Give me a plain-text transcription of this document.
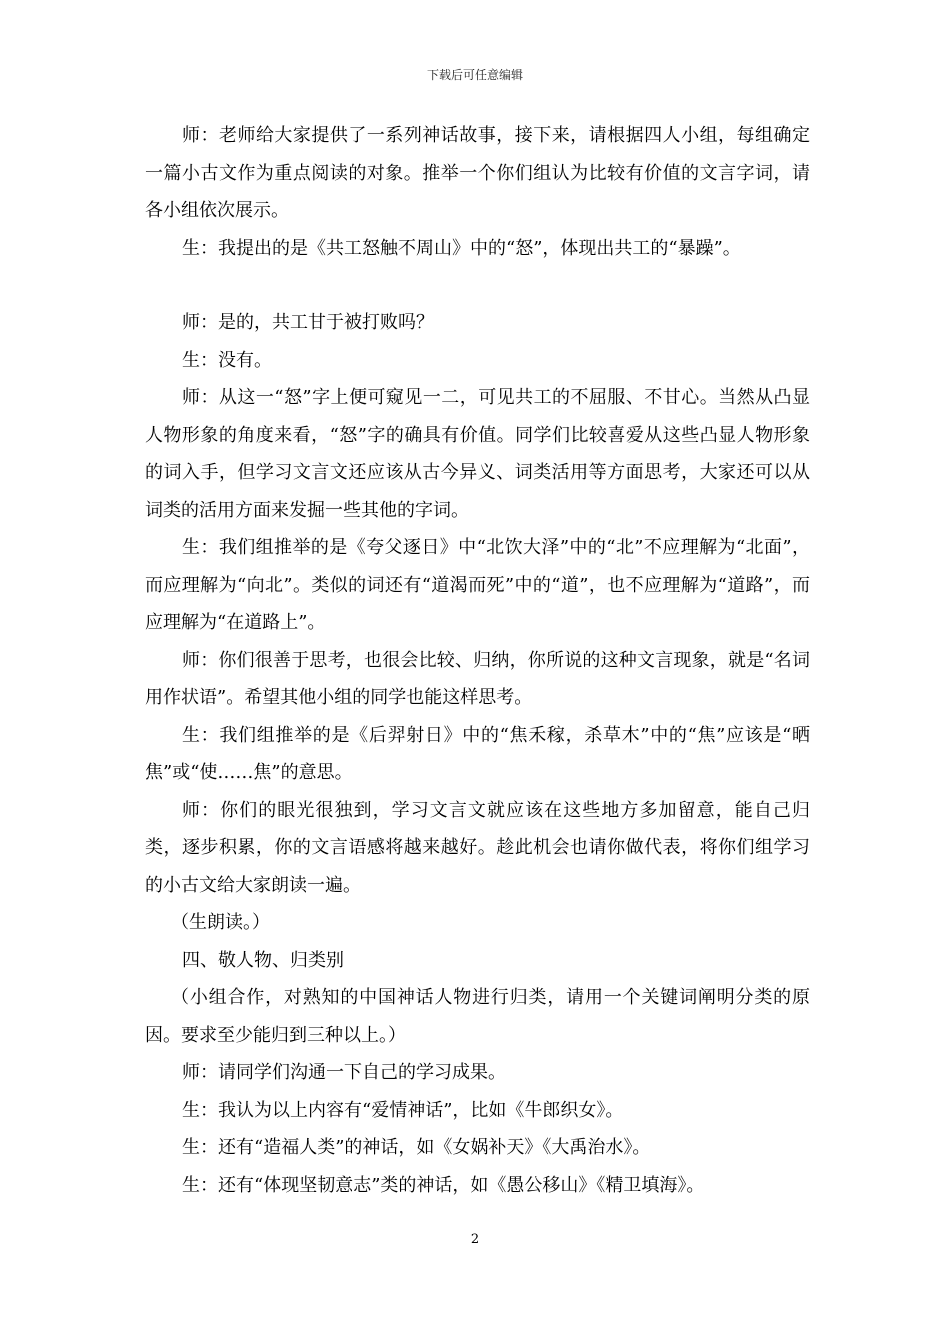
下载后可任意编辑

师：老师给大家提供了一系列神话故事，接下来，请根据四人小组，每组确定一篇小古文作为重点阅读的对象。推举一个你们组认为比较有价值的文言字词，请各小组依次展示。

生：我提出的是《共工怒触不周山》中的“怒”，体现出共工的“暴躁”。

师：是的，共工甘于被打败吗？

生：没有。

师：从这一“怒”字上便可窥见一二，可见共工的不屈服、不甘心。当然从凸显人物形象的角度来看，“怒”字的确具有价值。同学们比较喜爱从这些凸显人物形象的词入手，但学习文言文还应该从古今异义、词类活用等方面思考，大家还可以从词类的活用方面来发掘一些其他的字词。

生：我们组推举的是《夸父逐日》中“北饮大泽”中的“北”不应理解为“北面”，而应理解为“向北”。类似的词还有“道渴而死”中的“道”，也不应理解为“道路”，而应理解为“在道路上”。

师：你们很善于思考，也很会比较、归纳，你所说的这种文言现象，就是“名词用作状语”。希望其他小组的同学也能这样思考。

生：我们组推举的是《后羿射日》中的“焦禾稼，杀草木”中的“焦”应该是“晒焦”或“使……焦”的意思。

师：你们的眼光很独到，学习文言文就应该在这些地方多加留意，能自己归类，逐步积累，你的文言语感将越来越好。趁此机会也请你做代表，将你们组学习的小古文给大家朗读一遍。

（生朗读。）

四、敬人物、归类别

（小组合作，对熟知的中国神话人物进行归类，请用一个关键词阐明分类的原因。要求至少能归到三种以上。）

师：请同学们沟通一下自己的学习成果。

生：我认为以上内容有“爱情神话”，比如《牛郎织女》。

生：还有“造福人类”的神话，如《女娲补天》《大禹治水》。

生：还有“体现坚韧意志”类的神话，如《愚公移山》《精卫填海》。

2
